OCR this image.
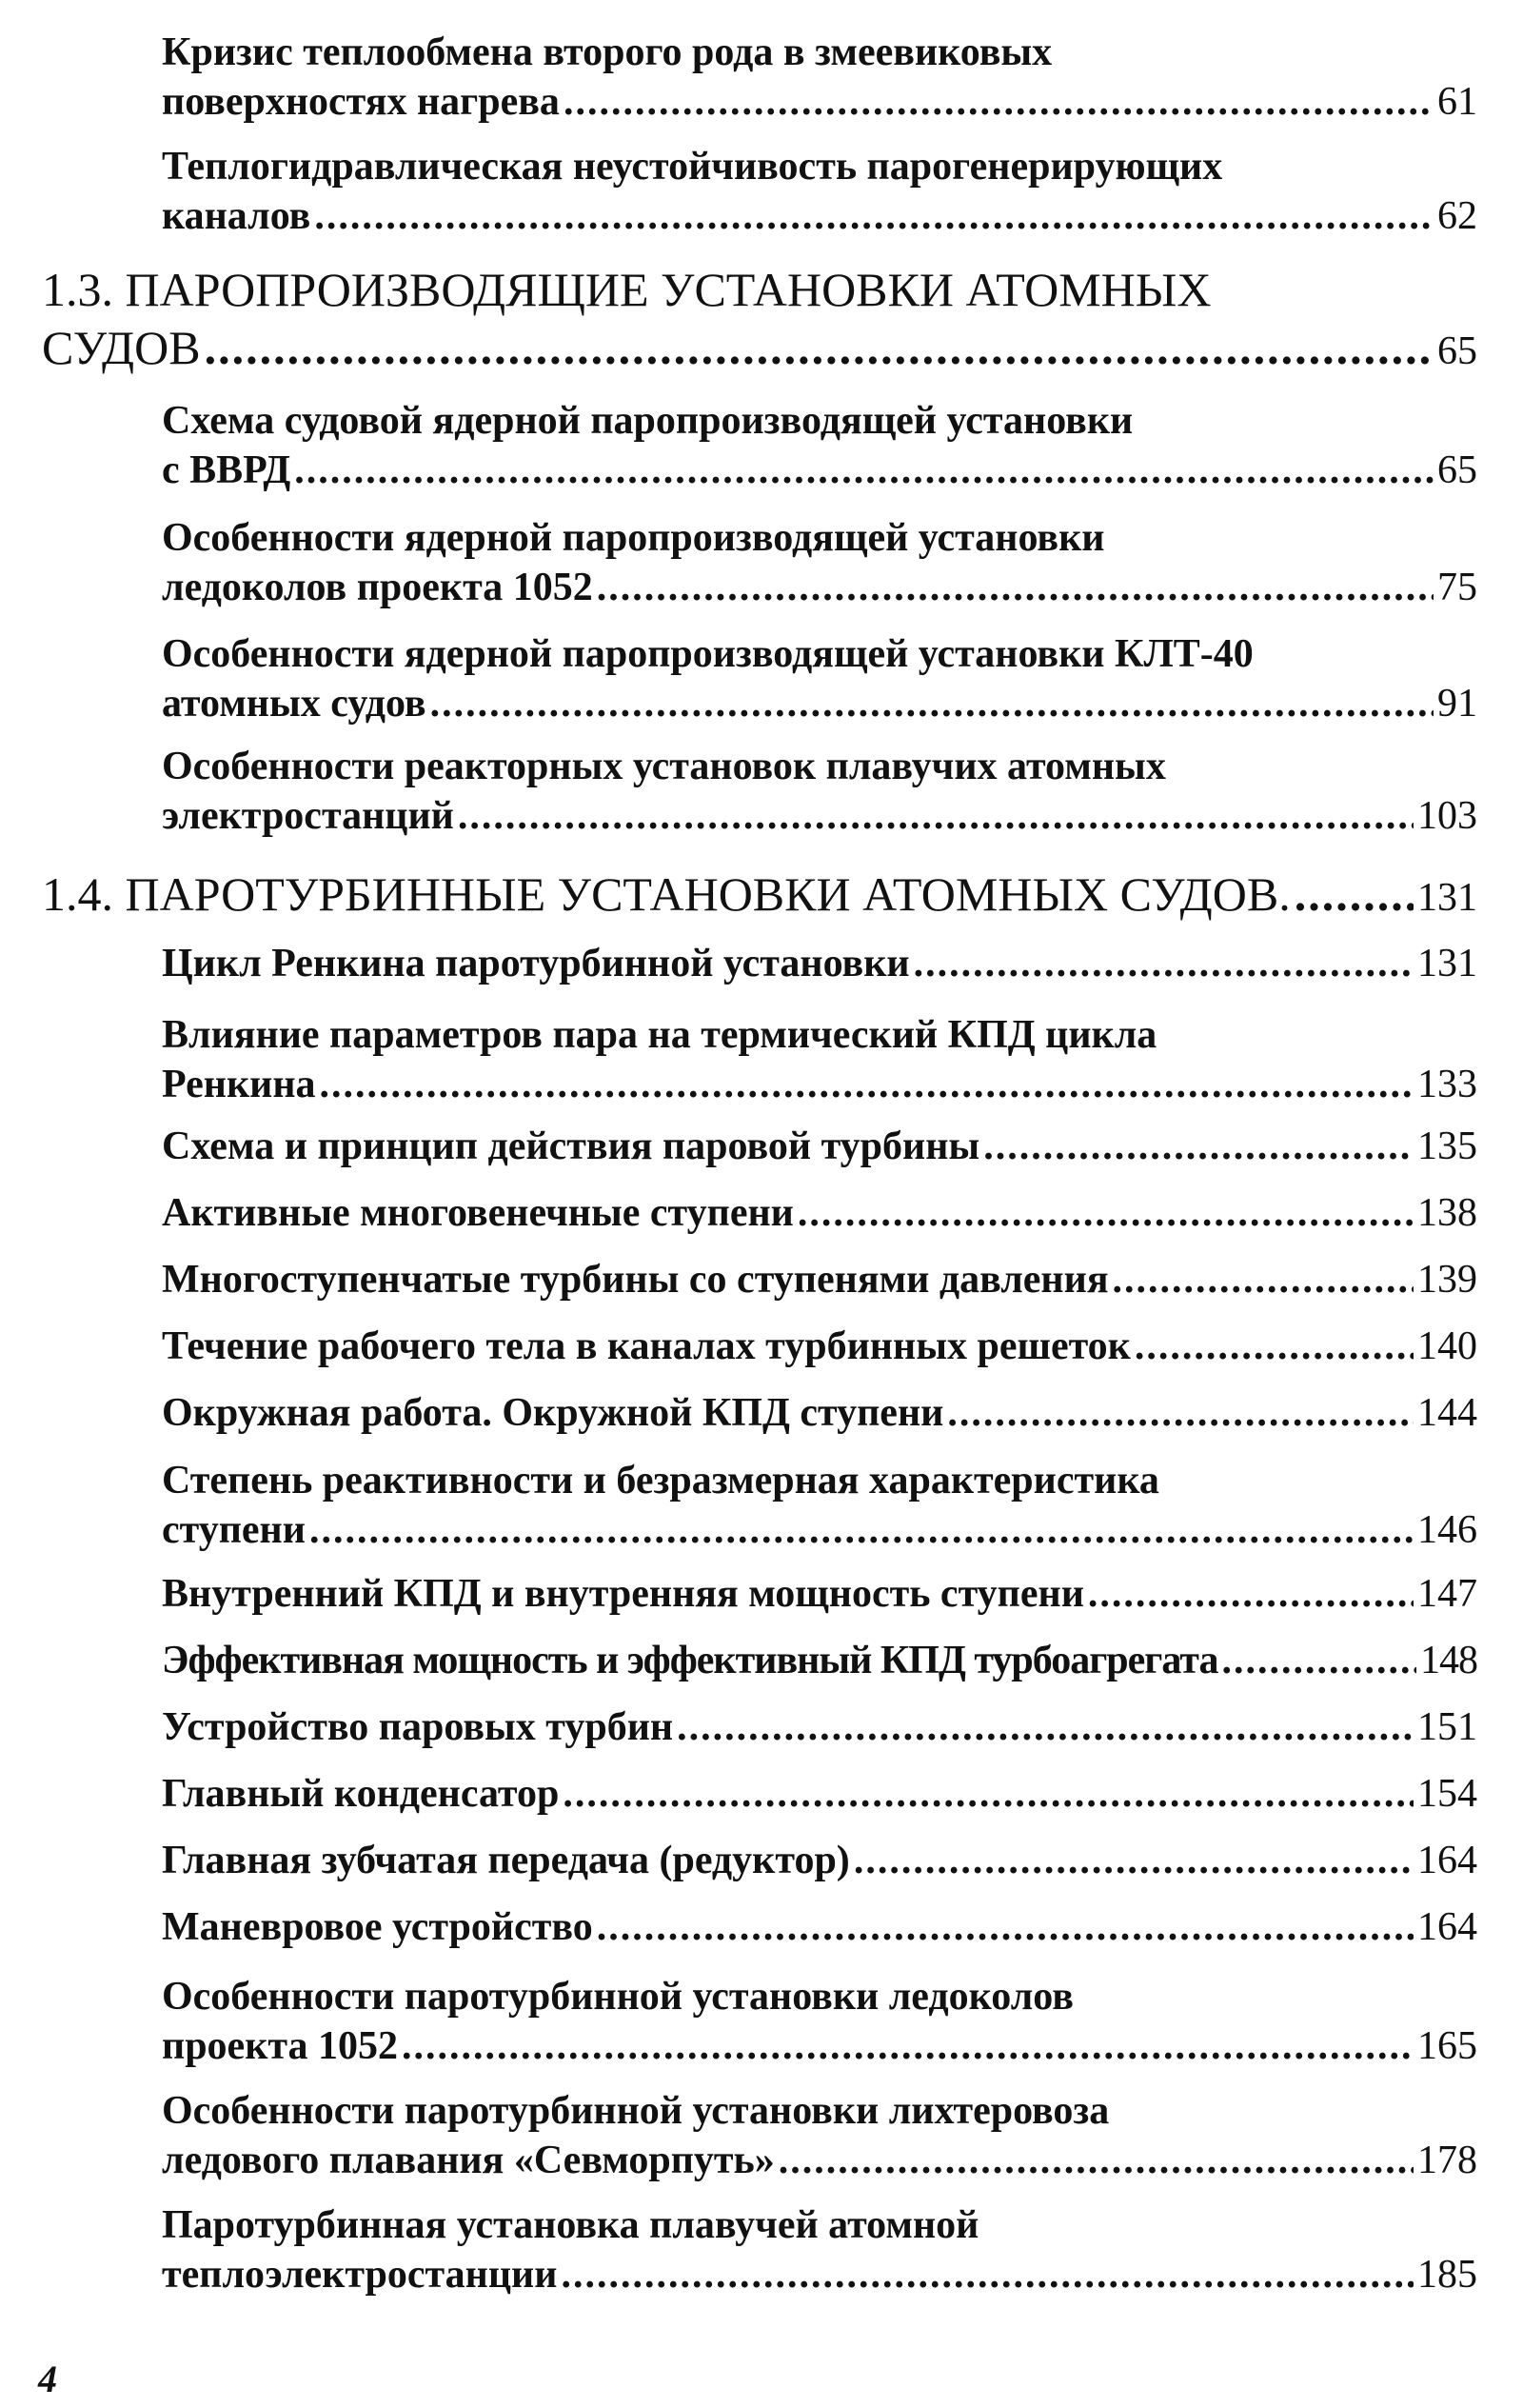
Кризис теплообмена второго рода в змеевиковых
поверхностях нагрева .....	61
Теплогидравлическая неустойчивость парогенерирующих
каналов .....	62
1.3. ПАРОПРОИЗВОДЯЩИЕ УСТАНОВКИ АТОМНЫХ
СУДОВ .....	65
Схема судовой ядерной паропроизводящей установки
с ВВРД .....	65
Особенности ядерной паропроизводящей установки
ледоколов проекта 1052 .....	75
Особенности ядерной паропроизводящей установки КЛТ-40
атомных судов .....	91
Особенности реакторных установок плавучих атомных
электростанций .....	103
1.4. ПАРОТУРБИННЫЕ УСТАНОВКИ АТОМНЫХ СУДОВ. .....	131
Цикл Ренкина паротурбинной установки .....	131
Влияние параметров пара на термический КПД цикла
Ренкина .....	133
Схема и принцип действия паровой турбины .....	135
Активные многовенечные ступени .....	138
Многоступенчатые турбины со ступенями давления .....	139
Течение рабочего тела в каналах турбинных решеток .....	140
Окружная работа. Окружной КПД ступени .....	144
Степень реактивности и безразмерная характеристика
ступени .....	146
Внутренний КПД и внутренняя мощность ступени .....	147
Эффективная мощность и эффективный КПД турбоагрегата .....	148
Устройство паровых турбин .....	151
Главный конденсатор .....	154
Главная зубчатая передача (редуктор) .....	164
Маневровое устройство .....	164
Особенности паротурбинной установки ледоколов
проекта 1052 .....	165
Особенности паротурбинной установки лихтеровоза
ледового плавания «Севморпуть» .....	178
Паротурбинная установка плавучей атомной
теплоэлектростанции .....	185
4
